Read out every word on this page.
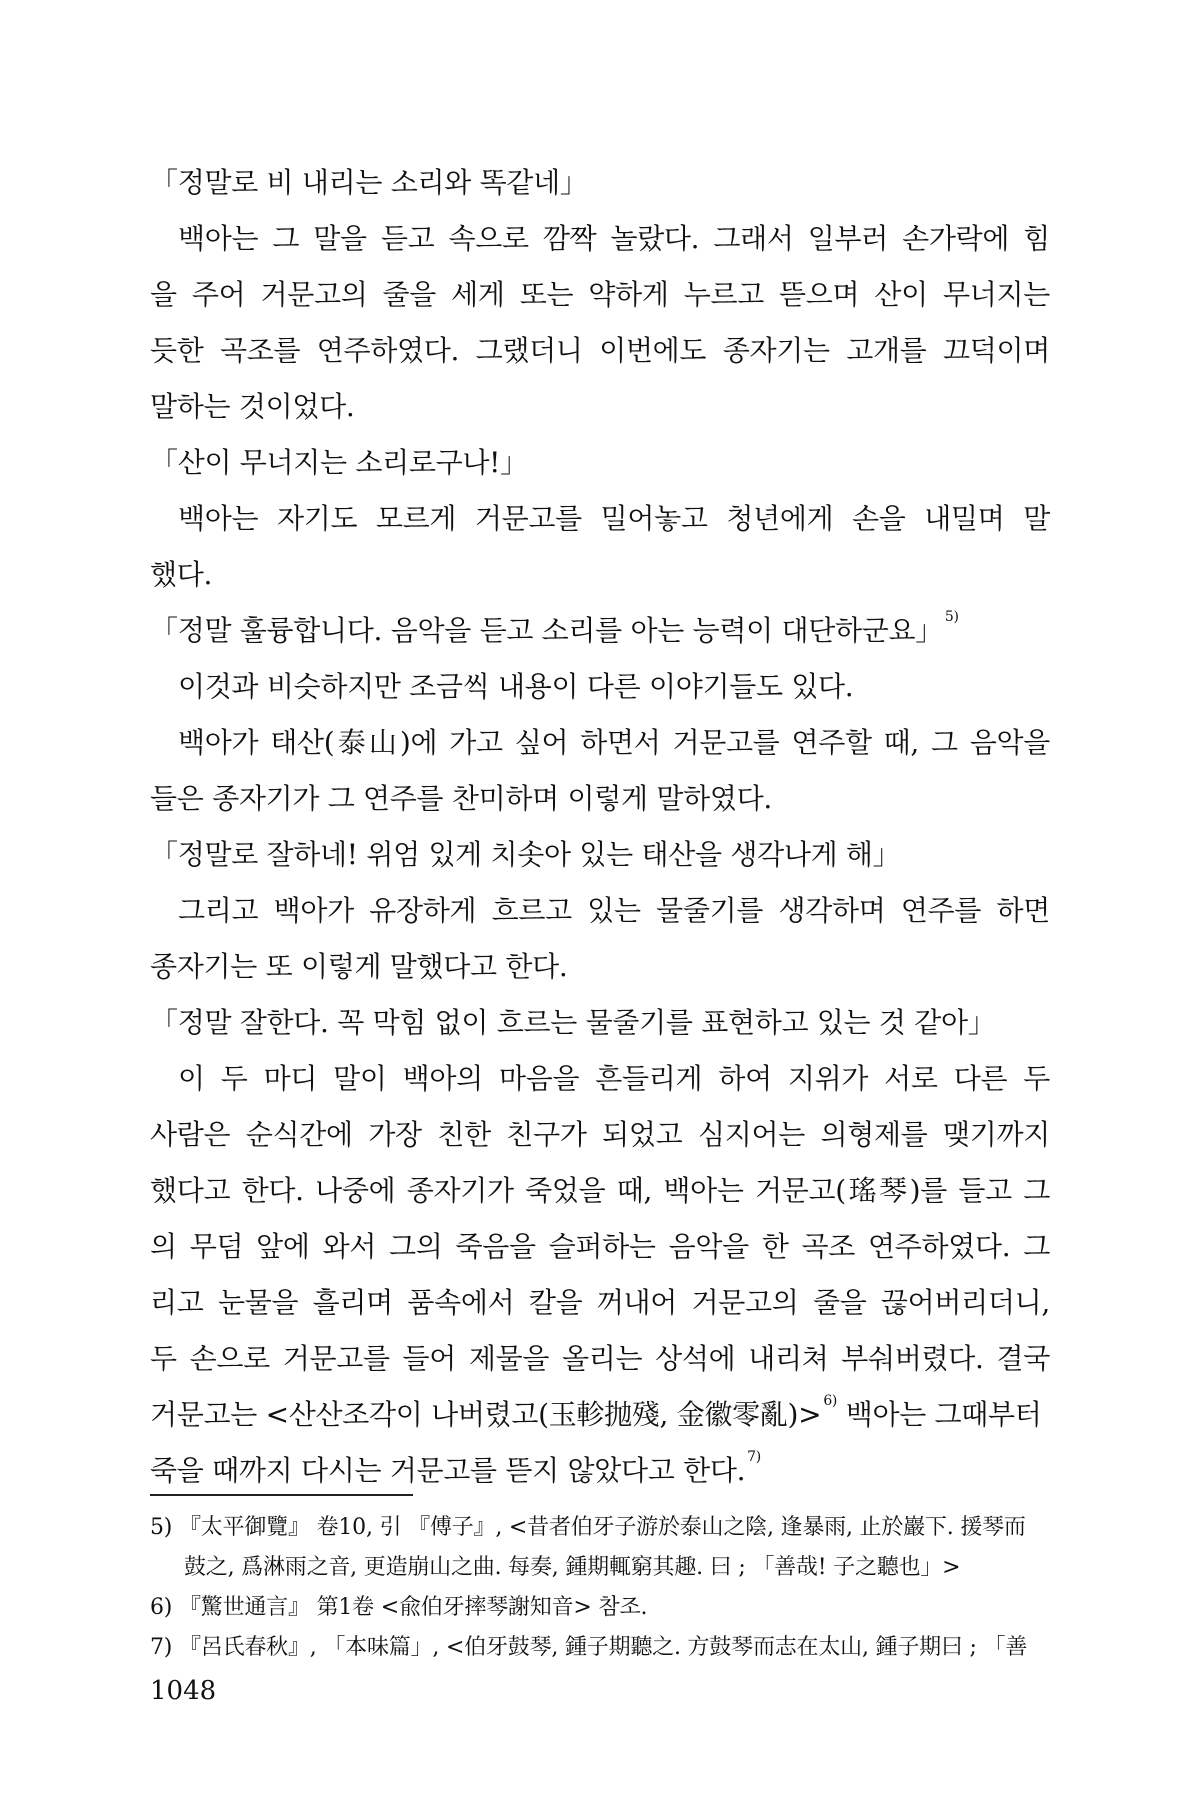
「정말로 비 내리는 소리와 똑같네」
백아는 그 말을 듣고 속으로 깜짝 놀랐다. 그래서 일부러 손가락에 힘
을 주어 거문고의 줄을 세게 또는 약하게 누르고 뜯으며 산이 무너지는
듯한 곡조를 연주하였다. 그랬더니 이번에도 종자기는 고개를 끄덕이며
말하는 것이었다.
「산이 무너지는 소리로구나!」
백아는 자기도 모르게 거문고를 밀어놓고 청년에게 손을 내밀며 말
했다.
「정말 훌륭합니다. 음악을 듣고 소리를 아는 능력이 대단하군요」 $^{5)}$
이것과 비슷하지만 조금씩 내용이 다른 이야기들도 있다.
백아가 태산(泰山)에 가고 싶어 하면서 거문고를 연주할 때, 그 음악을
들은 종자기가 그 연주를 찬미하며 이렇게 말하였다.
「정말로 잘하네! 위엄 있게 치솟아 있는 태산을 생각나게 해」
그리고 백아가 유장하게 흐르고 있는 물줄기를 생각하며 연주를 하면
종자기는 또 이렇게 말했다고 한다.
「정말 잘한다. 꼭 막힘 없이 흐르는 물줄기를 표현하고 있는 것 같아」
이 두 마디 말이 백아의 마음을 흔들리게 하여 지위가 서로 다른 두
사람은 순식간에 가장 친한 친구가 되었고 심지어는 의형제를 맺기까지
했다고 한다. 나중에 종자기가 죽었을 때, 백아는 거문고(瑤琴)를 들고 그
의 무덤 앞에 와서 그의 죽음을 슬퍼하는 음악을 한 곡조 연주하였다. 그
리고 눈물을 흘리며 품속에서 칼을 꺼내어 거문고의 줄을 끊어버리더니,
두 손으로 거문고를 들어 제물을 올리는 상석에 내리쳐 부숴버렸다. 결국
거문고는 <산산조각이 나버렸고(玉軫抛殘, 金徽零亂)> $^{6)}$ 백아는 그때부터
죽을 때까지 다시는 거문고를 뜯지 않았다고 한다. $^{7)}$
5) 『太平御覽』 卷10, 引 『傅子』, <昔者伯牙子游於泰山之陰, 逢暴雨, 止於巖下. 援琴而
鼓之, 爲淋雨之音, 更造崩山之曲. 每奏, 鍾期輒窮其趣. 曰 ; 「善哉! 子之聽也」>
6) 『驚世通言』 第1卷 <兪伯牙摔琴謝知音> 참조.
7) 『呂氏春秋』, 「本味篇」, <伯牙鼓琴, 鍾子期聽之. 方鼓琴而志在太山, 鍾子期曰 ; 「善
1048
